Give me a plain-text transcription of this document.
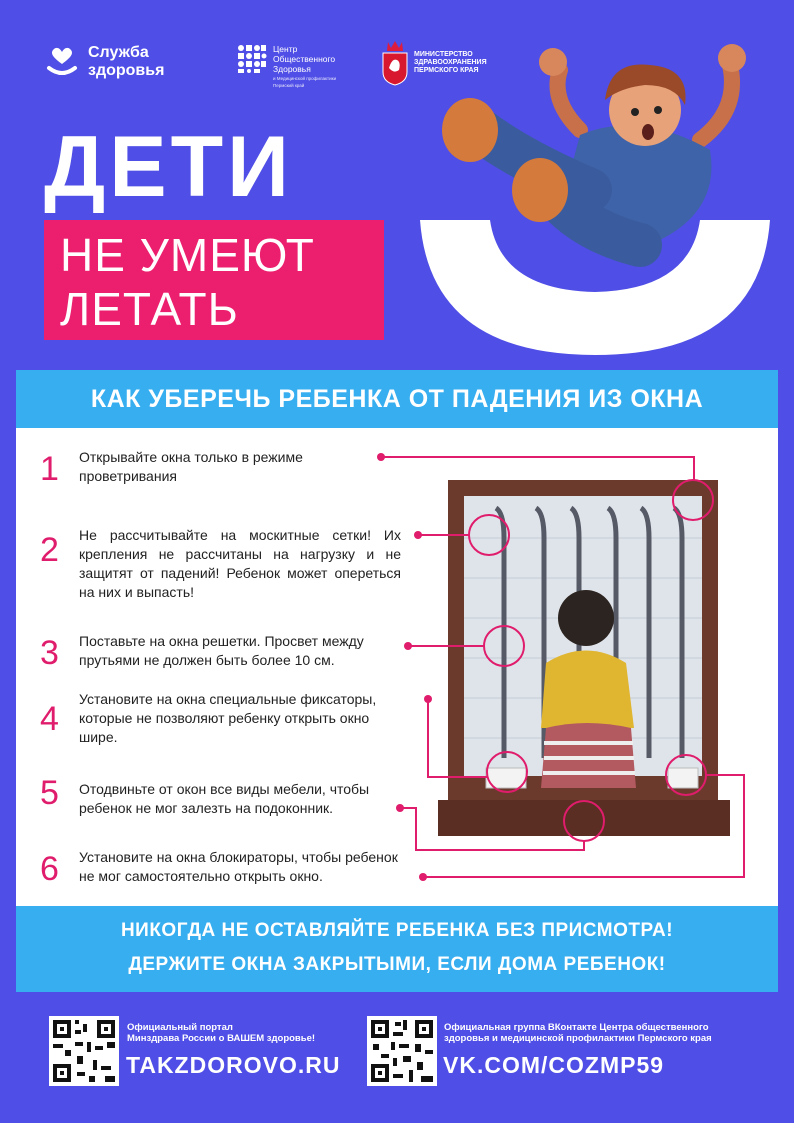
Служба
здоровья
Центр
Общественного
Здоровья
и Медицинской профилактики
Пермский край
МИНИСТЕРСТВО
ЗДРАВООХРАНЕНИЯ
ПЕРМСКОГО КРАЯ
ДЕТИ
НЕ УМЕЮТ
ЛЕТАТЬ
КАК УБЕРЕЧЬ РЕБЕНКА ОТ ПАДЕНИЯ ИЗ ОКНА
1 Открывайте окна только в режиме проветривания
2 Не рассчитывайте на москитные сетки! Их крепления не рассчитаны на нагрузку и не защитят от падений! Ребенок может опереться на них и выпасть!
3 Поставьте на окна решетки. Просвет между прутьями не должен быть более 10 см.
4
Установите на окна специальные фиксаторы, которые не позволяют ребенку открыть окно шире.
5 Отодвиньте от окон все виды мебели, чтобы ребенок не мог залезть на подоконник.
6 Установите на окна блокираторы, чтобы ребенок не мог самостоятельно открыть окно.
НИКОГДА НЕ ОСТАВЛЯЙТЕ РЕБЕНКА БЕЗ ПРИСМОТРА!
ДЕРЖИТЕ ОКНА ЗАКРЫТЫМИ, ЕСЛИ ДОМА РЕБЕНОК!
Официальный портал
Минздрава России о ВАШЕМ здоровье!
TAKZDOROVO.RU
Официальная группа ВКонтакте Центра общественного
здоровья и медицинской профилактики Пермского края
VK.COM/COZMP59
